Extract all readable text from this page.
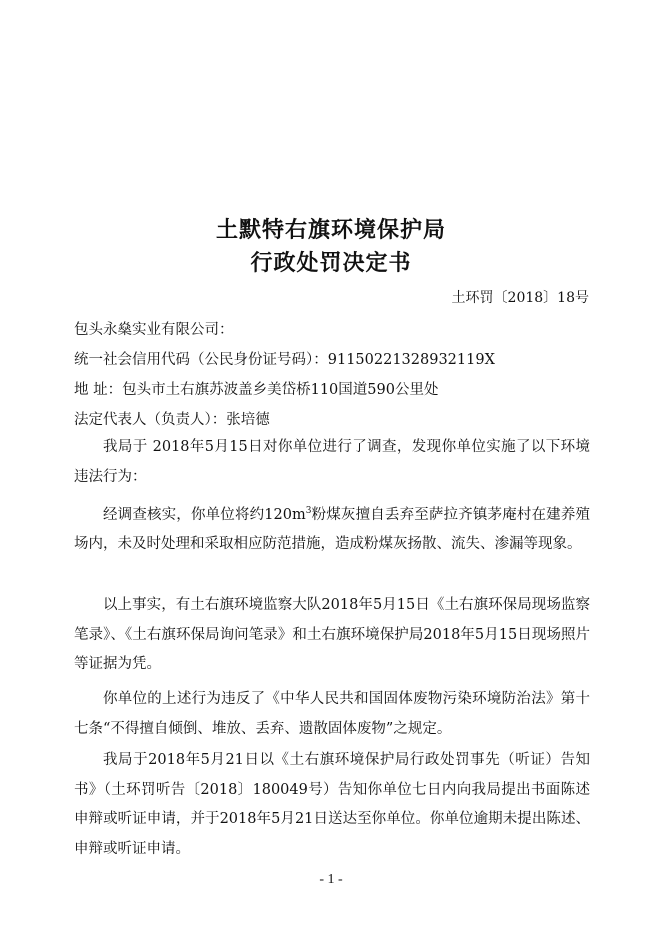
土默特右旗环境保护局
行政处罚决定书
土环罚〔2018〕18号
包头永燊实业有限公司：
统一社会信用代码（公民身份证号码）：91150221328932119X
地 址：包头市土右旗苏波盖乡美岱桥110国道590公里处
法定代表人（负责人）：张培德
我局于 2018年5月15日对你单位进行了调查，发现你单位实施了以下环境违法行为：
经调查核实，你单位将约$120m^3$粉煤灰擅自丢弃至萨拉齐镇茅庵村在建养殖场内，未及时处理和采取相应防范措施，造成粉煤灰扬散、流失、渗漏等现象。
以上事实，有土右旗环境监察大队2018年5月15日《土右旗环保局现场监察笔录》、《土右旗环保局询问笔录》和土右旗环境保护局2018年5月15日现场照片等证据为凭。
你单位的上述行为违反了《中华人民共和国固体废物污染环境防治法》第十七条“不得擅自倾倒、堆放、丢弃、遗散固体废物”之规定。
我局于2018年5月21日以《土右旗环境保护局行政处罚事先（听证）告知书》（土环罚听告〔2018〕180049号）告知你单位七日内向我局提出书面陈述申辩或听证申请，并于2018年5月21日送达至你单位。你单位逾期未提出陈述、申辩或听证申请。
- 1 -
